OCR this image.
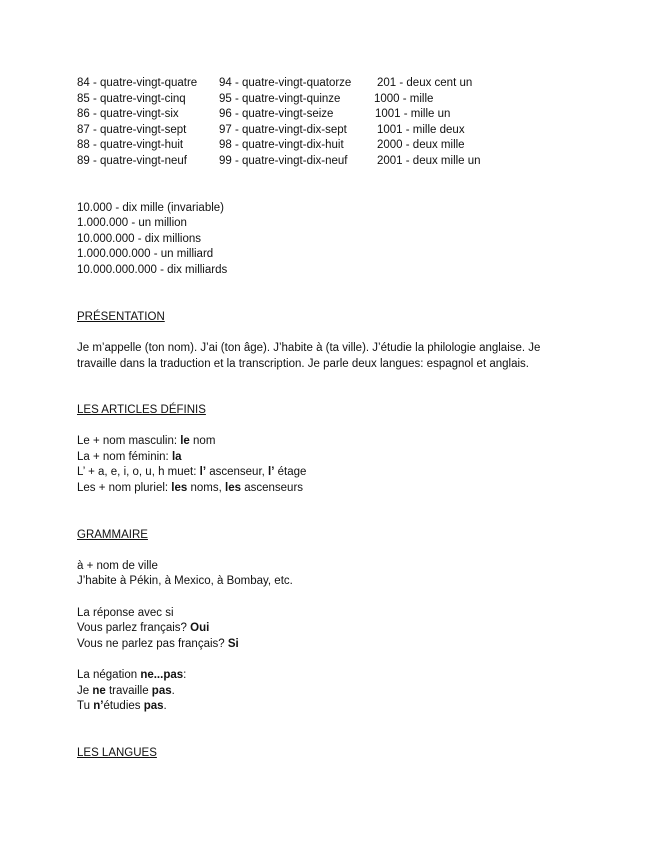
84 - quatre-vingt-quatre
85 - quatre-vingt-cinq
86 - quatre-vingt-six
87 - quatre-vingt-sept
88 - quatre-vingt-huit
89 - quatre-vingt-neuf
94 - quatre-vingt-quatorze
95 - quatre-vingt-quinze
96 - quatre-vingt-seize
97 - quatre-vingt-dix-sept
98 - quatre-vingt-dix-huit
99 - quatre-vingt-dix-neuf
201 - deux cent un
1000 - mille
1001 - mille un
1001 - mille deux
2000 - deux mille
2001 - deux mille un
10.000 - dix mille (invariable)
1.000.000 - un million
10.000.000 - dix millions
1.000.000.000 - un milliard
10.000.000.000 - dix milliards
PRÉSENTATION
Je m’appelle (ton nom). J’ai (ton âge). J’habite à (ta ville). J’étudie la philologie anglaise. Je
travaille dans la traduction et la transcription. Je parle deux langues: espagnol et anglais.
LES ARTICLES DÉFINIS
Le + nom masculin: le nom
La + nom féminin: la
L’ + a, e, i, o, u, h muet: l’ ascenseur, l’ étage
Les + nom pluriel: les noms, les ascenseurs
GRAMMAIRE
à + nom de ville
J’habite à Pékin, à Mexico, à Bombay, etc.
La réponse avec si
Vous parlez français? Oui
Vous ne parlez pas français? Si
La négation ne...pas:
Je ne travaille pas.
Tu n’étudies pas.
LES LANGUES
